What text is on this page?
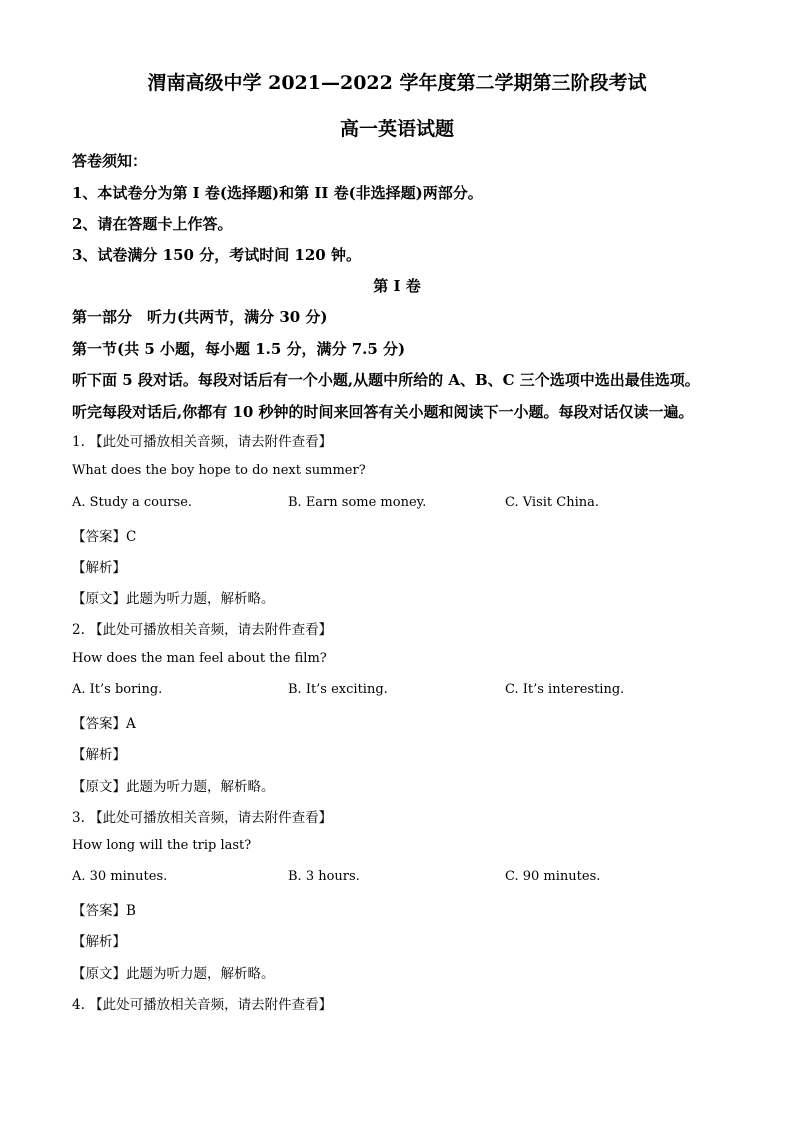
渭南高级中学 2021—2022 学年度第二学期第三阶段考试
高一英语试题
答卷须知：
1、本试卷分为第 I 卷(选择题)和第 II 卷(非选择题)两部分。
2、请在答题卡上作答。
3、试卷满分 150 分，考试时间 120 钟。
第 I 卷
第一部分　听力(共两节，满分 30 分)
第一节(共 5 小题，每小题 1.5 分，满分 7.5 分)
听下面 5 段对话。每段对话后有一个小题,从题中所给的 A、B、C 三个选项中选出最佳选项。
听完每段对话后,你都有 10 秒钟的时间来回答有关小题和阅读下一小题。每段对话仅读一遍。
1. 【此处可播放相关音频，请去附件查看】
What does the boy hope to do next summer?
A. Study a course.	B. Earn some money.	C. Visit China.
【答案】C
【解析】
【原文】此题为听力题，解析略。
2. 【此处可播放相关音频，请去附件查看】
How does the man feel about the film?
A. It’s boring.	B. It’s exciting.	C. It’s interesting.
【答案】A
【解析】
【原文】此题为听力题，解析略。
3. 【此处可播放相关音频，请去附件查看】
How long will the trip last?
A. 30 minutes.	B. 3 hours.	C. 90 minutes.
【答案】B
【解析】
【原文】此题为听力题，解析略。
4. 【此处可播放相关音频，请去附件查看】
